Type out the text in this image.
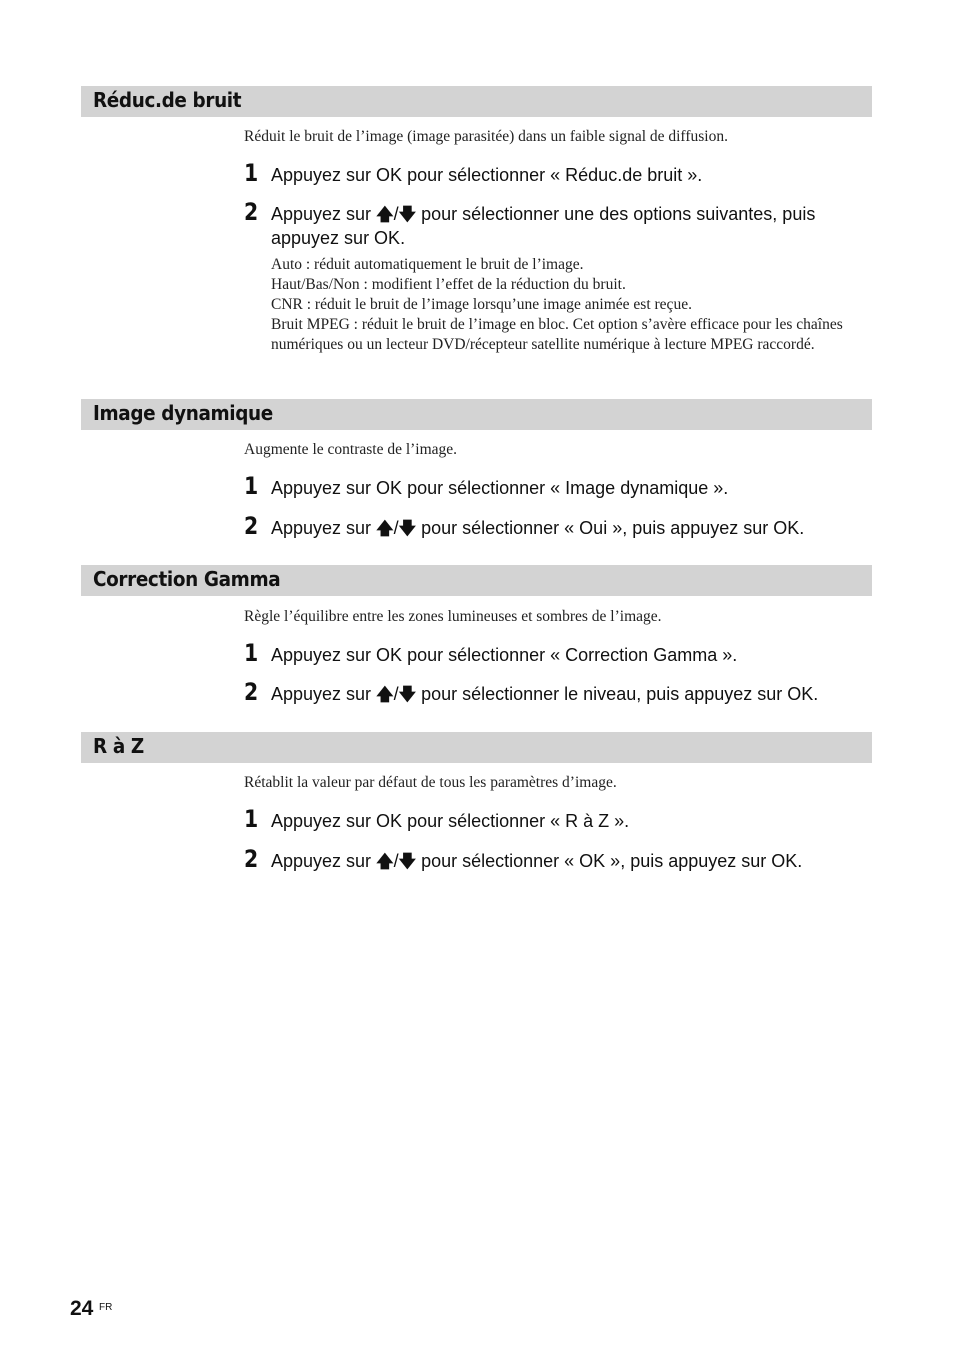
Réduc.de bruit
Réduit le bruit de l’image (image parasitée) dans un faible signal de diffusion.
1 Appuyez sur OK pour sélectionner « Réduc.de bruit ».
2 Appuyez sur 🡅/🡇 pour sélectionner une des options suivantes, puis appuyez sur OK.
Auto : réduit automatiquement le bruit de l’image.
Haut/Bas/Non : modifient l’effet de la réduction du bruit.
CNR : réduit le bruit de l’image lorsqu’une image animée est reçue.
Bruit MPEG : réduit le bruit de l’image en bloc. Cet option s’avère efficace pour les chaînes numériques ou un lecteur DVD/récepteur satellite numérique à lecture MPEG raccordé.
Image dynamique
Augmente le contraste de l’image.
1 Appuyez sur OK pour sélectionner « Image dynamique ».
2 Appuyez sur 🡅/🡇 pour sélectionner « Oui », puis appuyez sur OK.
Correction Gamma
Règle l’équilibre entre les zones lumineuses et sombres de l’image.
1 Appuyez sur OK pour sélectionner « Correction Gamma ».
2 Appuyez sur 🡅/🡇 pour sélectionner le niveau, puis appuyez sur OK.
R à Z
Rétablit la valeur par défaut de tous les paramètres d’image.
1 Appuyez sur OK pour sélectionner « R à Z ».
2 Appuyez sur 🡅/🡇 pour sélectionner « OK », puis appuyez sur OK.
24 FR
